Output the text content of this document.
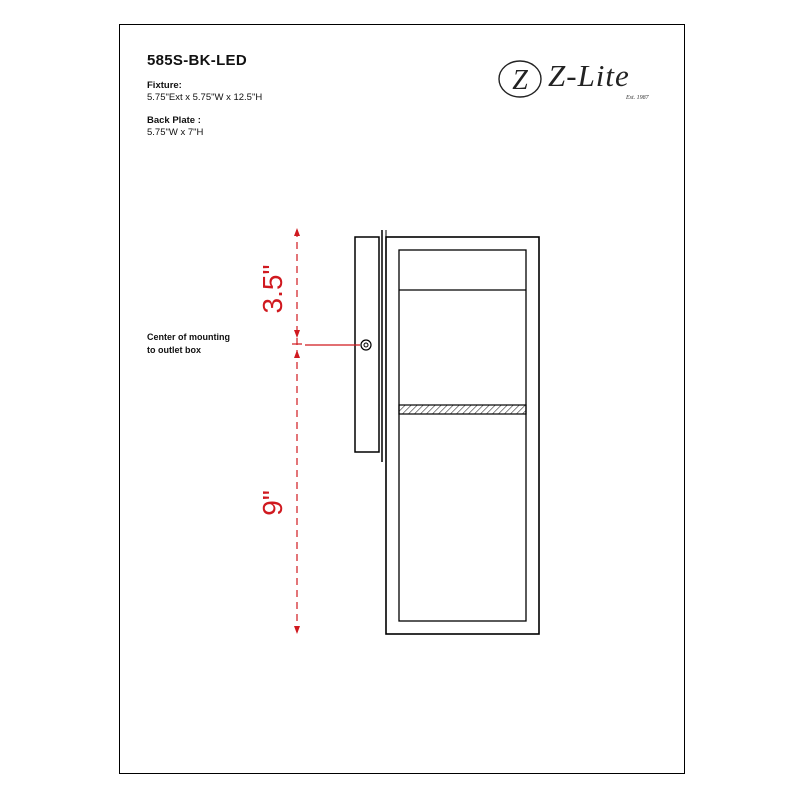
585S-BK-LED
Fixture:
5.75"Ext x 5.75"W x 12.5"H
Back Plate :
5.75"W x 7"H
Center of mounting
to outlet box
Z Z-Lite
Est. 1987
3.5"
9"
